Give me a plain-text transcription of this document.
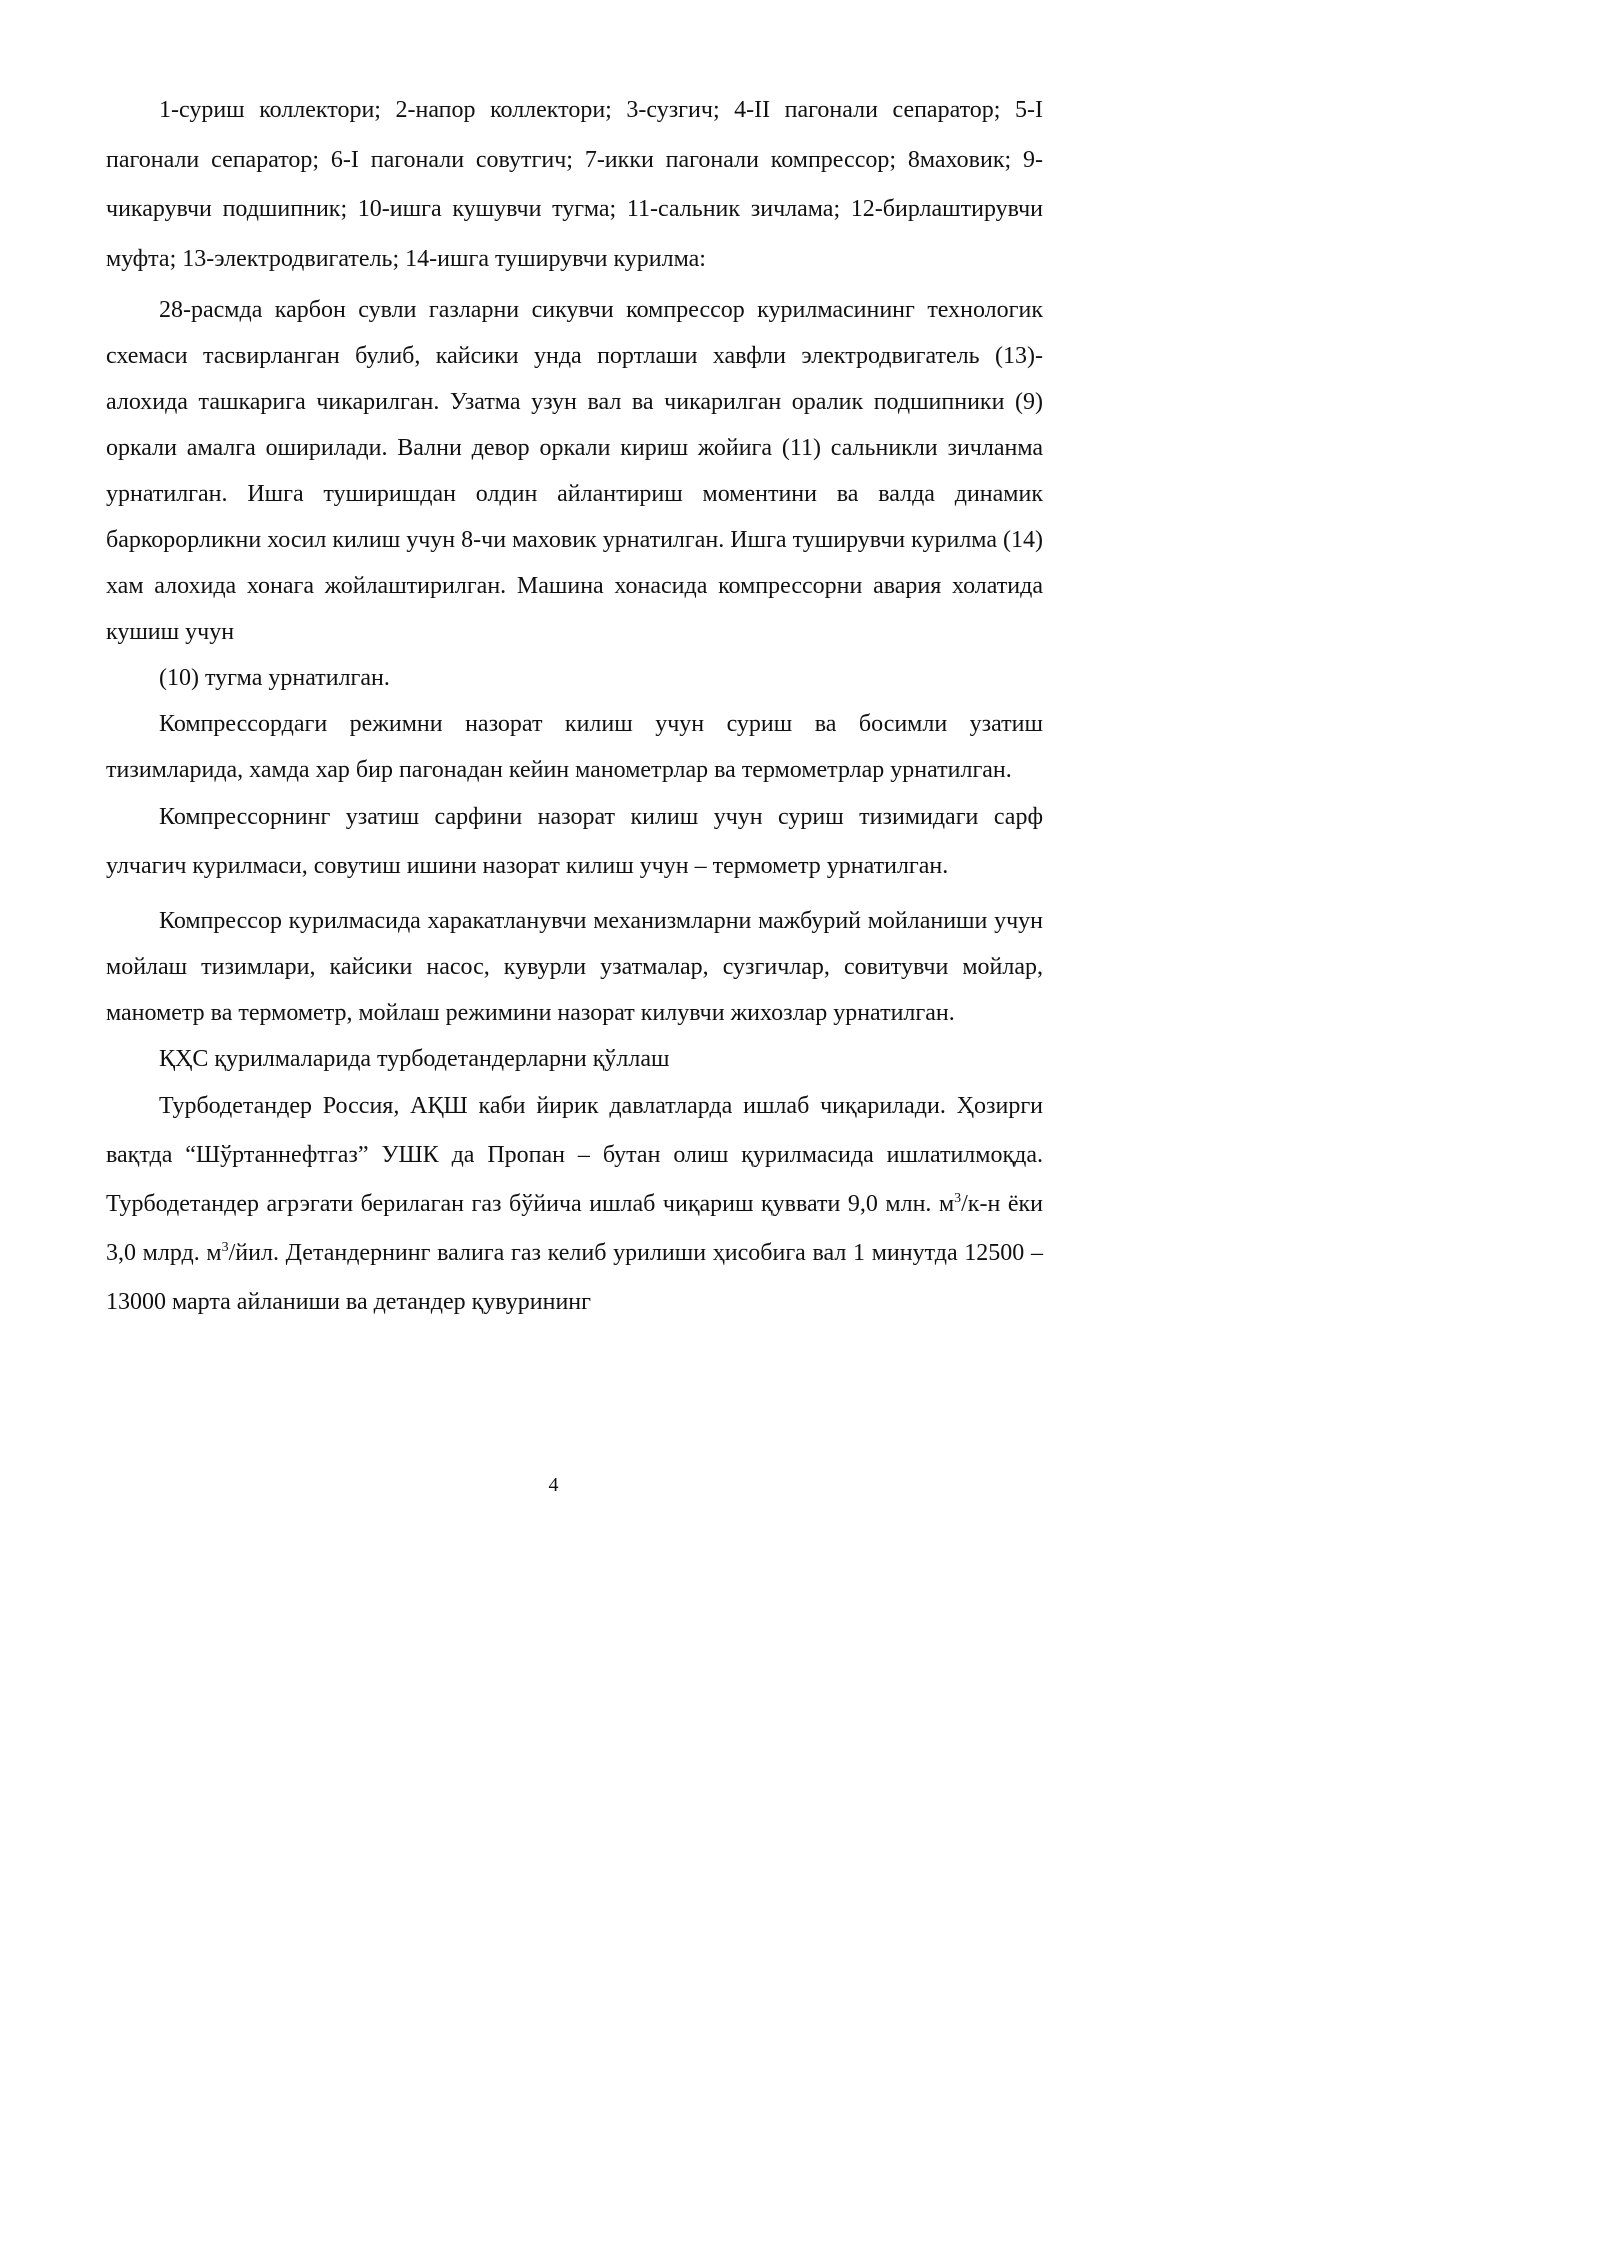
1-суриш коллектори; 2-напор коллектори; 3-сузгич; 4-II пагонали сепаратор; 5-I пагонали сепаратор; 6-I пагонали совутгич; 7-икки пагонали компрессор; 8маховик; 9-чикарувчи подшипник; 10-ишга кушувчи тугма; 11-сальник зичлама; 12-бирлаштирувчи муфта; 13-электродвигатель; 14-ишга туширувчи курилма:

28-расмда карбон сувли газларни сикувчи компрессор курилмасининг технологик схемаси тасвирланган булиб, кайсики унда портлаши хавфли электродвигатель (13)-алохида ташкарига чикарилган. Узатма узун вал ва чикарилган оралик подшипники (9) оркали амалга оширилади. Вални девор оркали кириш жойига (11) сальникли зичланма урнатилган. Ишга туширишдан олдин айлантириш моментини ва валда динамик баркорорликни хосил килиш учун 8-чи маховик урнатилган. Ишга туширувчи курилма (14) хам алохида хонага жойлаштирилган. Машина хонасида компрессорни авария холатида кушиш учун

(10) тугма урнатилган.

Компрессордаги режимни назорат килиш учун суриш ва босимли узатиш тизимларида, хамда хар бир пагонадан кейин манометрлар ва термометрлар урнатилган.

Компрессорнинг узатиш сарфини назорат килиш учун суриш тизимидаги сарф улчагич курилмаси, совутиш ишини назорат килиш учун – термометр урнатилган.

Компрессор курилмасида харакатланувчи механизмларни мажбурий мойланиши учун мойлаш тизимлари, кайсики насос, кувурли узатмалар, сузгичлар, совитувчи мойлар, манометр ва термометр, мойлаш режимини назорат килувчи жихозлар урнатилган.

ҚҲС қурилмаларида турбодетандерларни қўллаш

Турбодетандер Россия, АҚШ каби йирик давлатларда ишлаб чиқарилади. Ҳозирги вақтда “Шўртаннефтгаз” УШК да Пропан – бутан олиш қурилмасида ишлатилмоқда. Турбодетандер агрэгати берилаган газ бўйича ишлаб чиқариш қуввати 9,0 млн. $м^3/к-н$ ёки 3,0 млрд. $м^3$/йил. Детандернинг валига газ келиб урилиши ҳисобига вал 1 минутда 12500 – 13000 марта айланиши ва детандер қувурининг

4
